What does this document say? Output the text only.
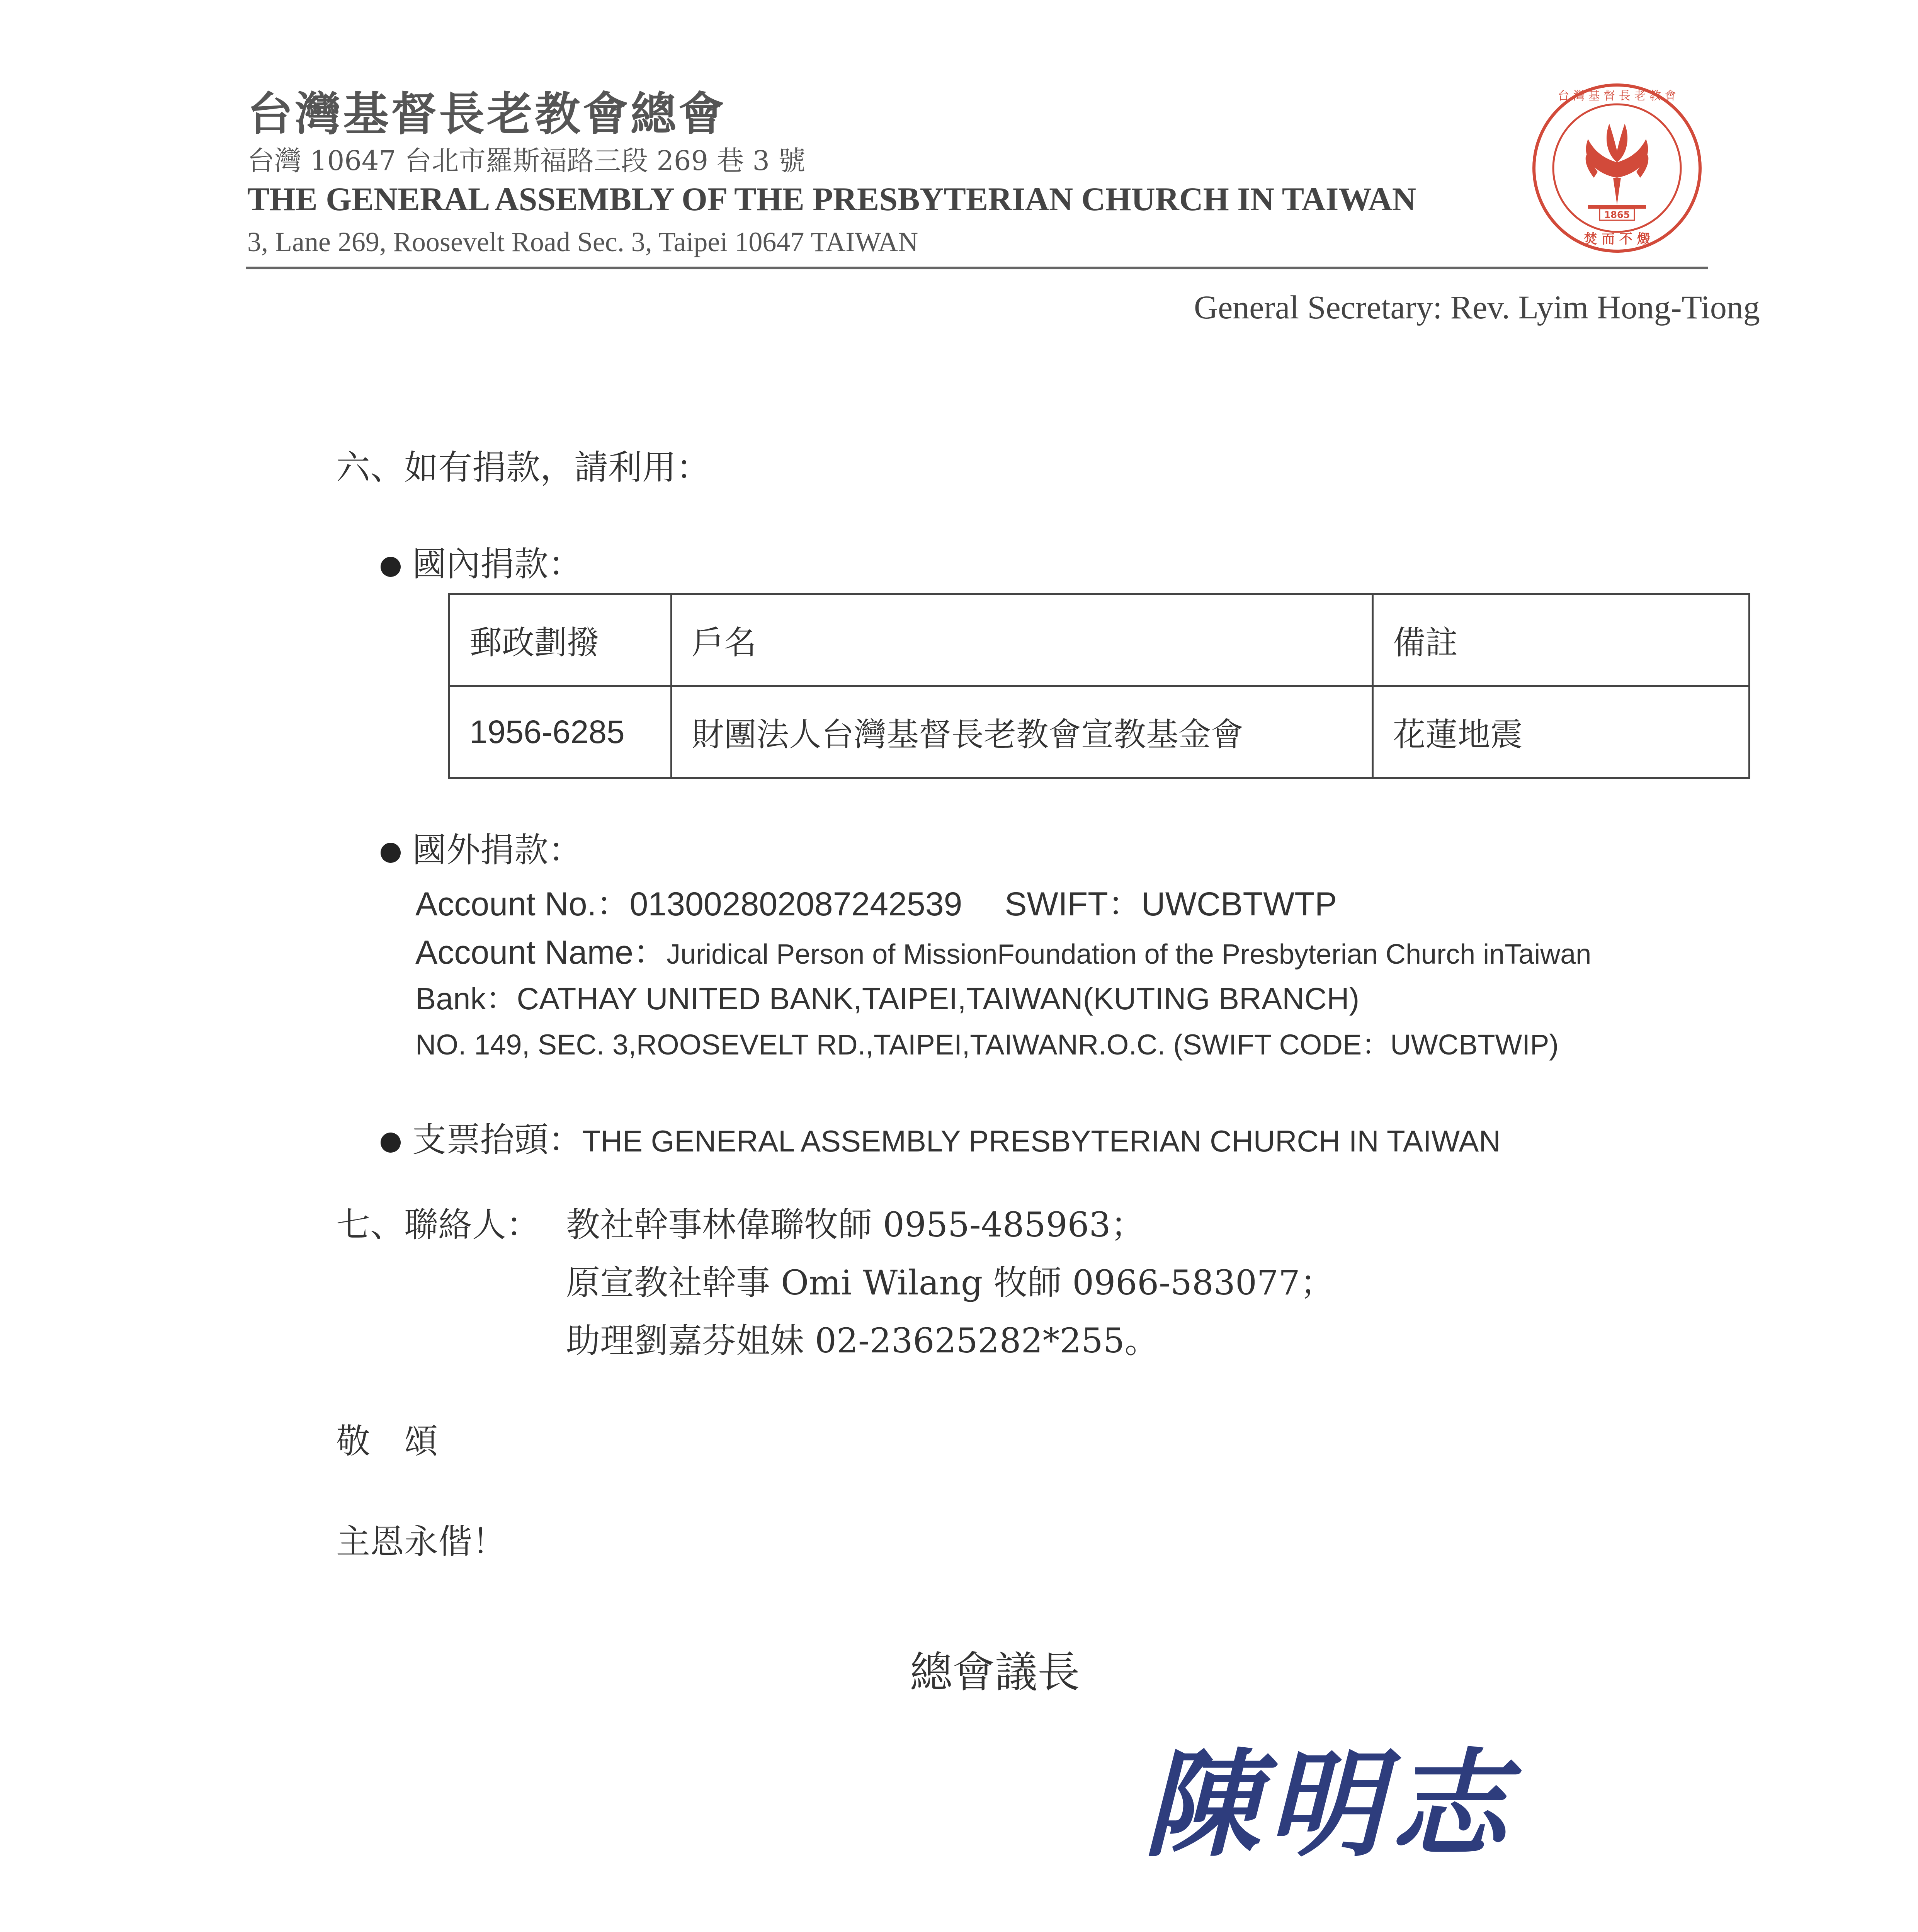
台灣基督長老教會總會
台灣 10647 台北市羅斯福路三段 269 巷 3 號
THE GENERAL ASSEMBLY OF THE PRESBYTERIAN CHURCH IN TAIWAN
3, Lane 269, Roosevelt Road Sec. 3, Taipei 10647 TAIWAN
General Secretary: Rev. Lyim Hong-Tiong
1865
台 灣 基 督 長 老 教 會
焚 而 不 燬
六、如有捐款，請利用：
國內捐款：
郵政劃撥	戶名	備註
1956-6285	財團法人台灣基督長老教會宣教基金會	花蓮地震
國外捐款：
Account No.：013002802087242539　 SWIFT：UWCBTWTP
Account Name：Juridical Person of MissionFoundation of the Presbyterian Church inTaiwan
Bank：CATHAY UNITED BANK,TAIPEI,TAIWAN(KUTING BRANCH)
NO. 149, SEC. 3,ROOSEVELT RD.,TAIPEI,TAIWANR.O.C. (SWIFT CODE：UWCBTWIP)
支票抬頭：THE GENERAL ASSEMBLY PRESBYTERIAN CHURCH IN TAIWAN
七、聯絡人： 教社幹事林偉聯牧師 0955-485963；
原宣教社幹事 Omi Wilang 牧師 0966-583077；
助理劉嘉芬姐妹 02-23625282*255。
敬　頌
主恩永偕！
總會議長
陳明志
